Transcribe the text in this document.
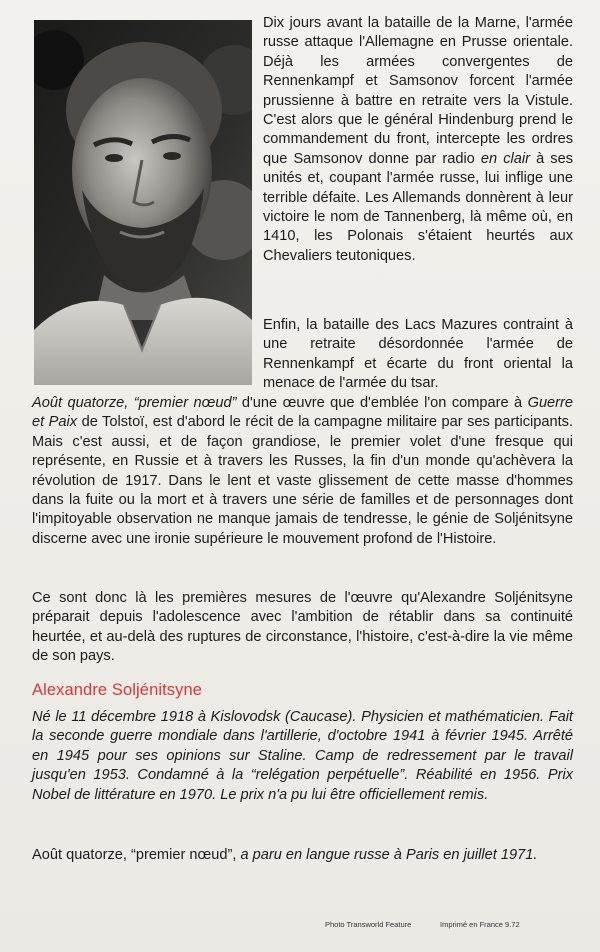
Dix jours avant la bataille de la Marne, l'armée russe attaque l'Allemagne en Prusse orientale. Déjà les armées convergentes de Rennenkampf et Samsonov forcent l'armée prussienne à battre en retraite vers la Vistule. C'est alors que le général Hindenburg prend le commandement du front, intercepte les ordres que Samsonov donne par radio en clair à ses unités et, coupant l'armée russe, lui inflige une terrible défaite. Les Allemands donnèrent à leur victoire le nom de Tannenberg, là même où, en 1410, les Polonais s'étaient heurtés aux Chevaliers teutoniques.

Enfin, la bataille des Lacs Mazures contraint à une retraite désordonnée l'armée de Rennenkampf et écarte du front oriental la menace de l'armée du tsar.

Août quatorze, “premier nœud” d'une œuvre que d'emblée l'on compare à Guerre et Paix de Tolstoï, est d'abord le récit de la campagne militaire par ses participants. Mais c'est aussi, et de façon grandiose, le premier volet d'une fresque qui représente, en Russie et à travers les Russes, la fin d'un monde qu'achèvera la révolution de 1917. Dans le lent et vaste glissement de cette masse d'hommes dans la fuite ou la mort et à travers une série de familles et de personnages dont l'impitoyable observation ne manque jamais de tendresse, le génie de Soljénitsyne discerne avec une ironie supérieure le mouvement profond de l'Histoire.

Ce sont donc là les premières mesures de l'œuvre qu'Alexandre Soljénitsyne préparait depuis l'adolescence avec l'ambition de rétablir dans sa continuité heurtée, et au-delà des ruptures de circonstance, l'histoire, c'est-à-dire la vie même de son pays.

Alexandre Soljénitsyne

Né le 11 décembre 1918 à Kislovodsk (Caucase). Physicien et mathématicien. Fait la seconde guerre mondiale dans l'artillerie, d'octobre 1941 à février 1945. Arrêté en 1945 pour ses opinions sur Staline. Camp de redressement par le travail jusqu'en 1953. Condamné à la “relégation perpétuelle”. Réabilité en 1956. Prix Nobel de littérature en 1970. Le prix n'a pu lui être officiellement remis.

Août quatorze, “premier nœud”, a paru en langue russe à Paris en juillet 1971.

Photo Transworld Feature	Imprimé en France 9.72
